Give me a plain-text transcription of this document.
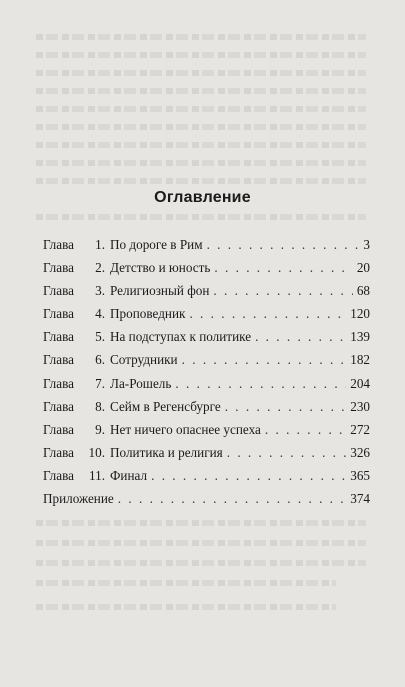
Оглавление
Глава	1. По дороге в Рим . . .	3
Глава	2. Детство и юность . . .	20
Глава	3. Религиозный фон . . .	68
Глава	4. Проповедник . . .	120
Глава	5. На подступах к политике . . .	139
Глава	6. Сотрудники . . .	182
Глава	7. Ла-Рошель . . .	204
Глава	8. Сейм в Регенсбурге . . .	230
Глава	9. Нет ничего опаснее успеха . . .	272
Глава	10. Политика и религия . . .	326
Глава	11. Финал . . .	365
Приложение . . .	374
